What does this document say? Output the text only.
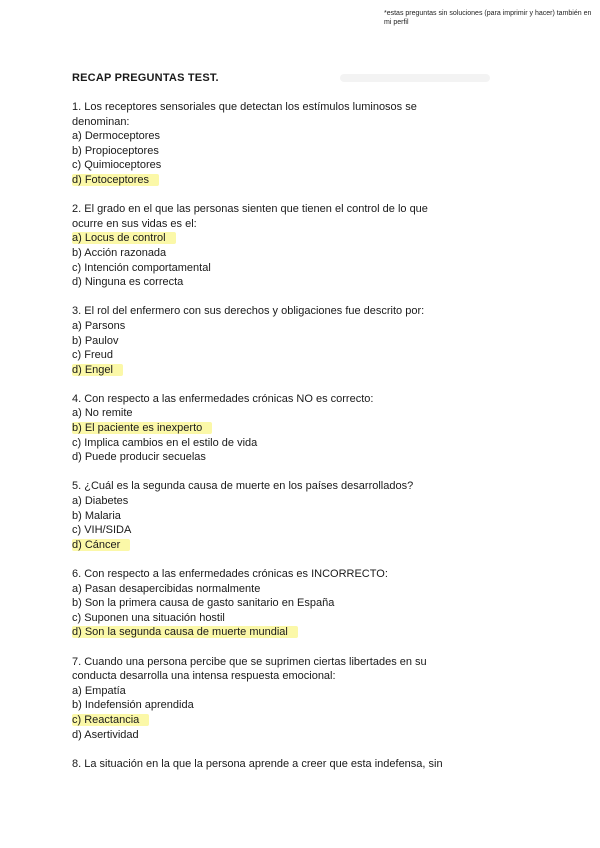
*estas preguntas sin soluciones (para imprimir y hacer) también en mi perfil
RECAP PREGUNTAS TEST.
1. Los receptores sensoriales que detectan los estímulos luminosos se
denominan:
a) Dermoceptores
b) Propioceptores
c) Quimioceptores
d) Fotoceptores
2. El grado en el que las personas sienten que tienen el control de lo que
ocurre en sus vidas es el:
a) Locus de control
b) Acción razonada
c) Intención comportamental
d) Ninguna es correcta
3. El rol del enfermero con sus derechos y obligaciones fue descrito por:
a) Parsons
b) Paulov
c) Freud
d) Engel
4. Con respecto a las enfermedades crónicas NO es correcto:
a) No remite
b) El paciente es inexperto
c) Implica cambios en el estilo de vida
d) Puede producir secuelas
5. ¿Cuál es la segunda causa de muerte en los países desarrollados?
a) Diabetes
b) Malaria
c) VIH/SIDA
d) Cáncer
6. Con respecto a las enfermedades crónicas es INCORRECTO:
a) Pasan desapercibidas normalmente
b) Son la primera causa de gasto sanitario en España
c) Suponen una situación hostil
d) Son la segunda causa de muerte mundial
7. Cuando una persona percibe que se suprimen ciertas libertades en su
conducta desarrolla una intensa respuesta emocional:
a) Empatía
b) Indefensión aprendida
c) Reactancia
d) Asertividad
8. La situación en la que la persona aprende a creer que esta indefensa, sin
